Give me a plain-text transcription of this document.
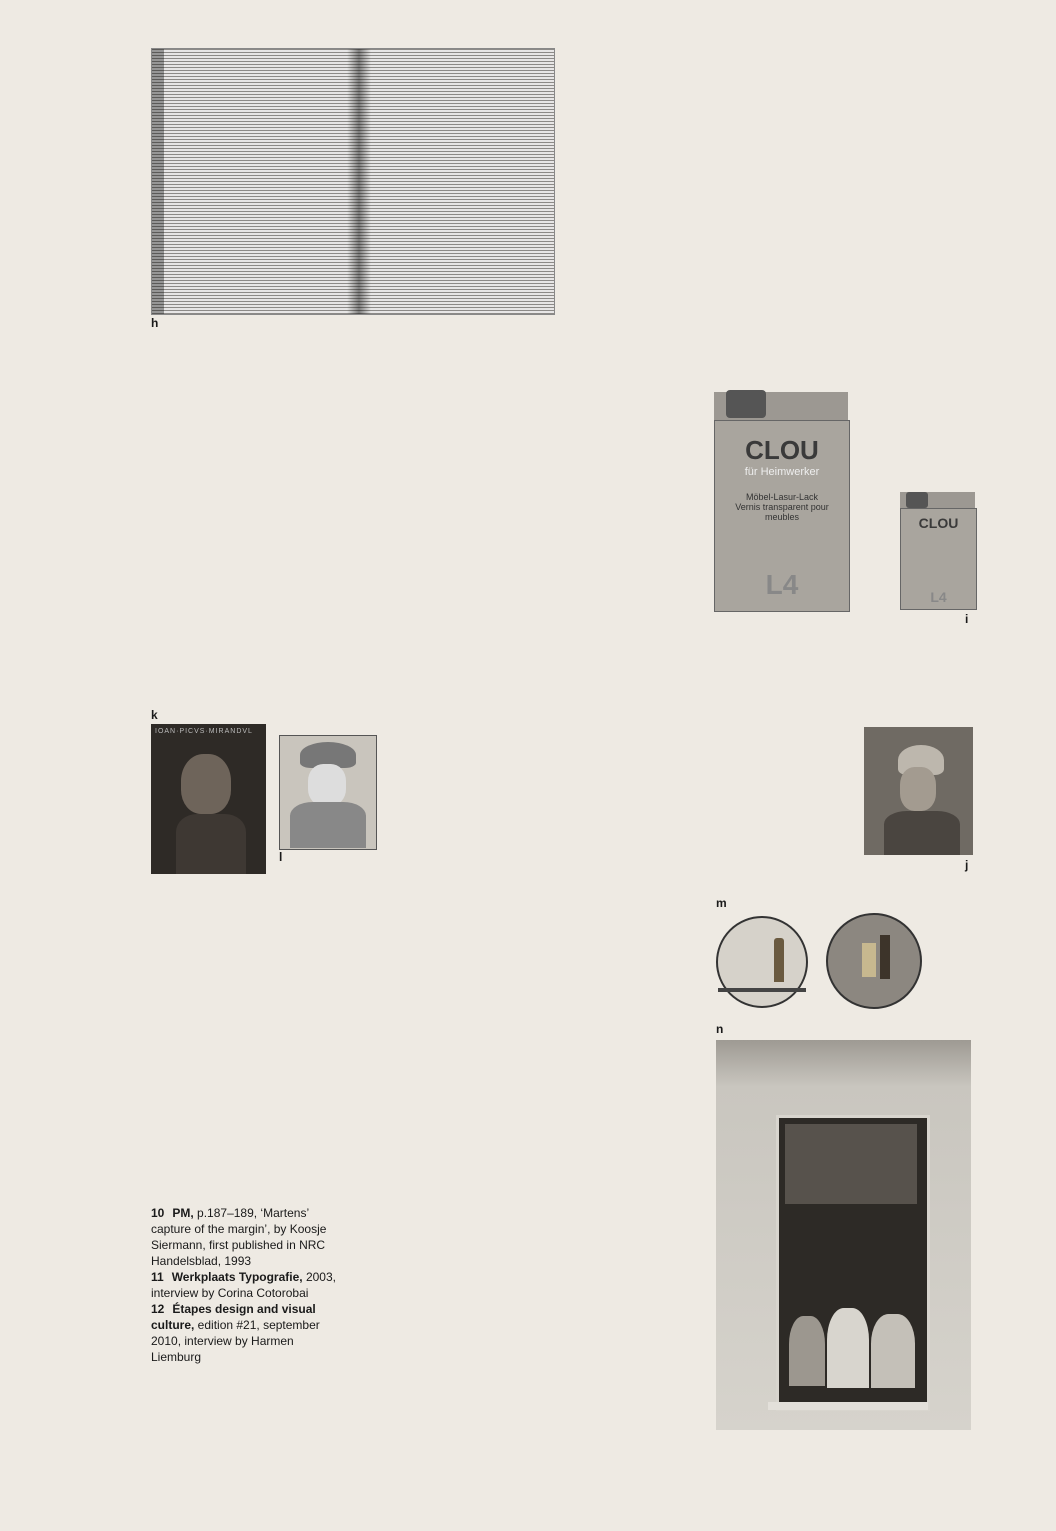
h
CLOU
für Heimwerker
Möbel-Lasur-Lack
Vernis transparent pour meubles
L4
CLOU
L4
i
k
IOAN·PICVS·MIRANDVL
l
j
m
n
10 PM, p.187–189, ‘Martens’ capture of the margin’, by Koosje Siermann, first published in NRC Handelsblad, 1993
11 Werkplaats Typografie, 2003, interview by Corina Cotorobai
12 Étapes design and visual culture, edition #21, september 2010, interview by Harmen Liemburg
